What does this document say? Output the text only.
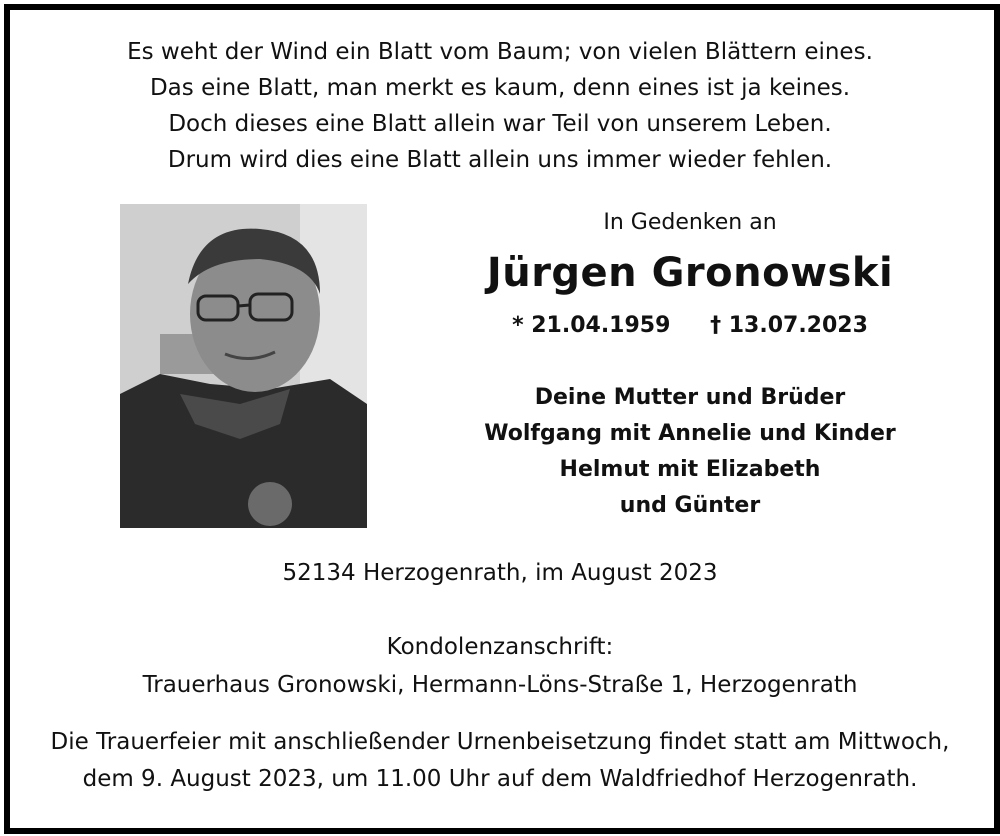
Es weht der Wind ein Blatt vom Baum; von vielen Blättern eines.
Das eine Blatt, man merkt es kaum, denn eines ist ja keines.
Doch dieses eine Blatt allein war Teil von unserem Leben.
Drum wird dies eine Blatt allein uns immer wieder fehlen.
In Gedenken an
Jürgen Gronowski
* 21.04.1959 † 13.07.2023
Deine Mutter und Brüder
Wolfgang mit Annelie und Kinder
Helmut mit Elizabeth
und Günter
52134 Herzogenrath, im August 2023
Kondolenzanschrift:
Trauerhaus Gronowski, Hermann-Löns-Straße 1, Herzogenrath
Die Trauerfeier mit anschließender Urnenbeisetzung findet statt am Mittwoch,
dem 9. August 2023, um 11.00 Uhr auf dem Waldfriedhof Herzogenrath.
